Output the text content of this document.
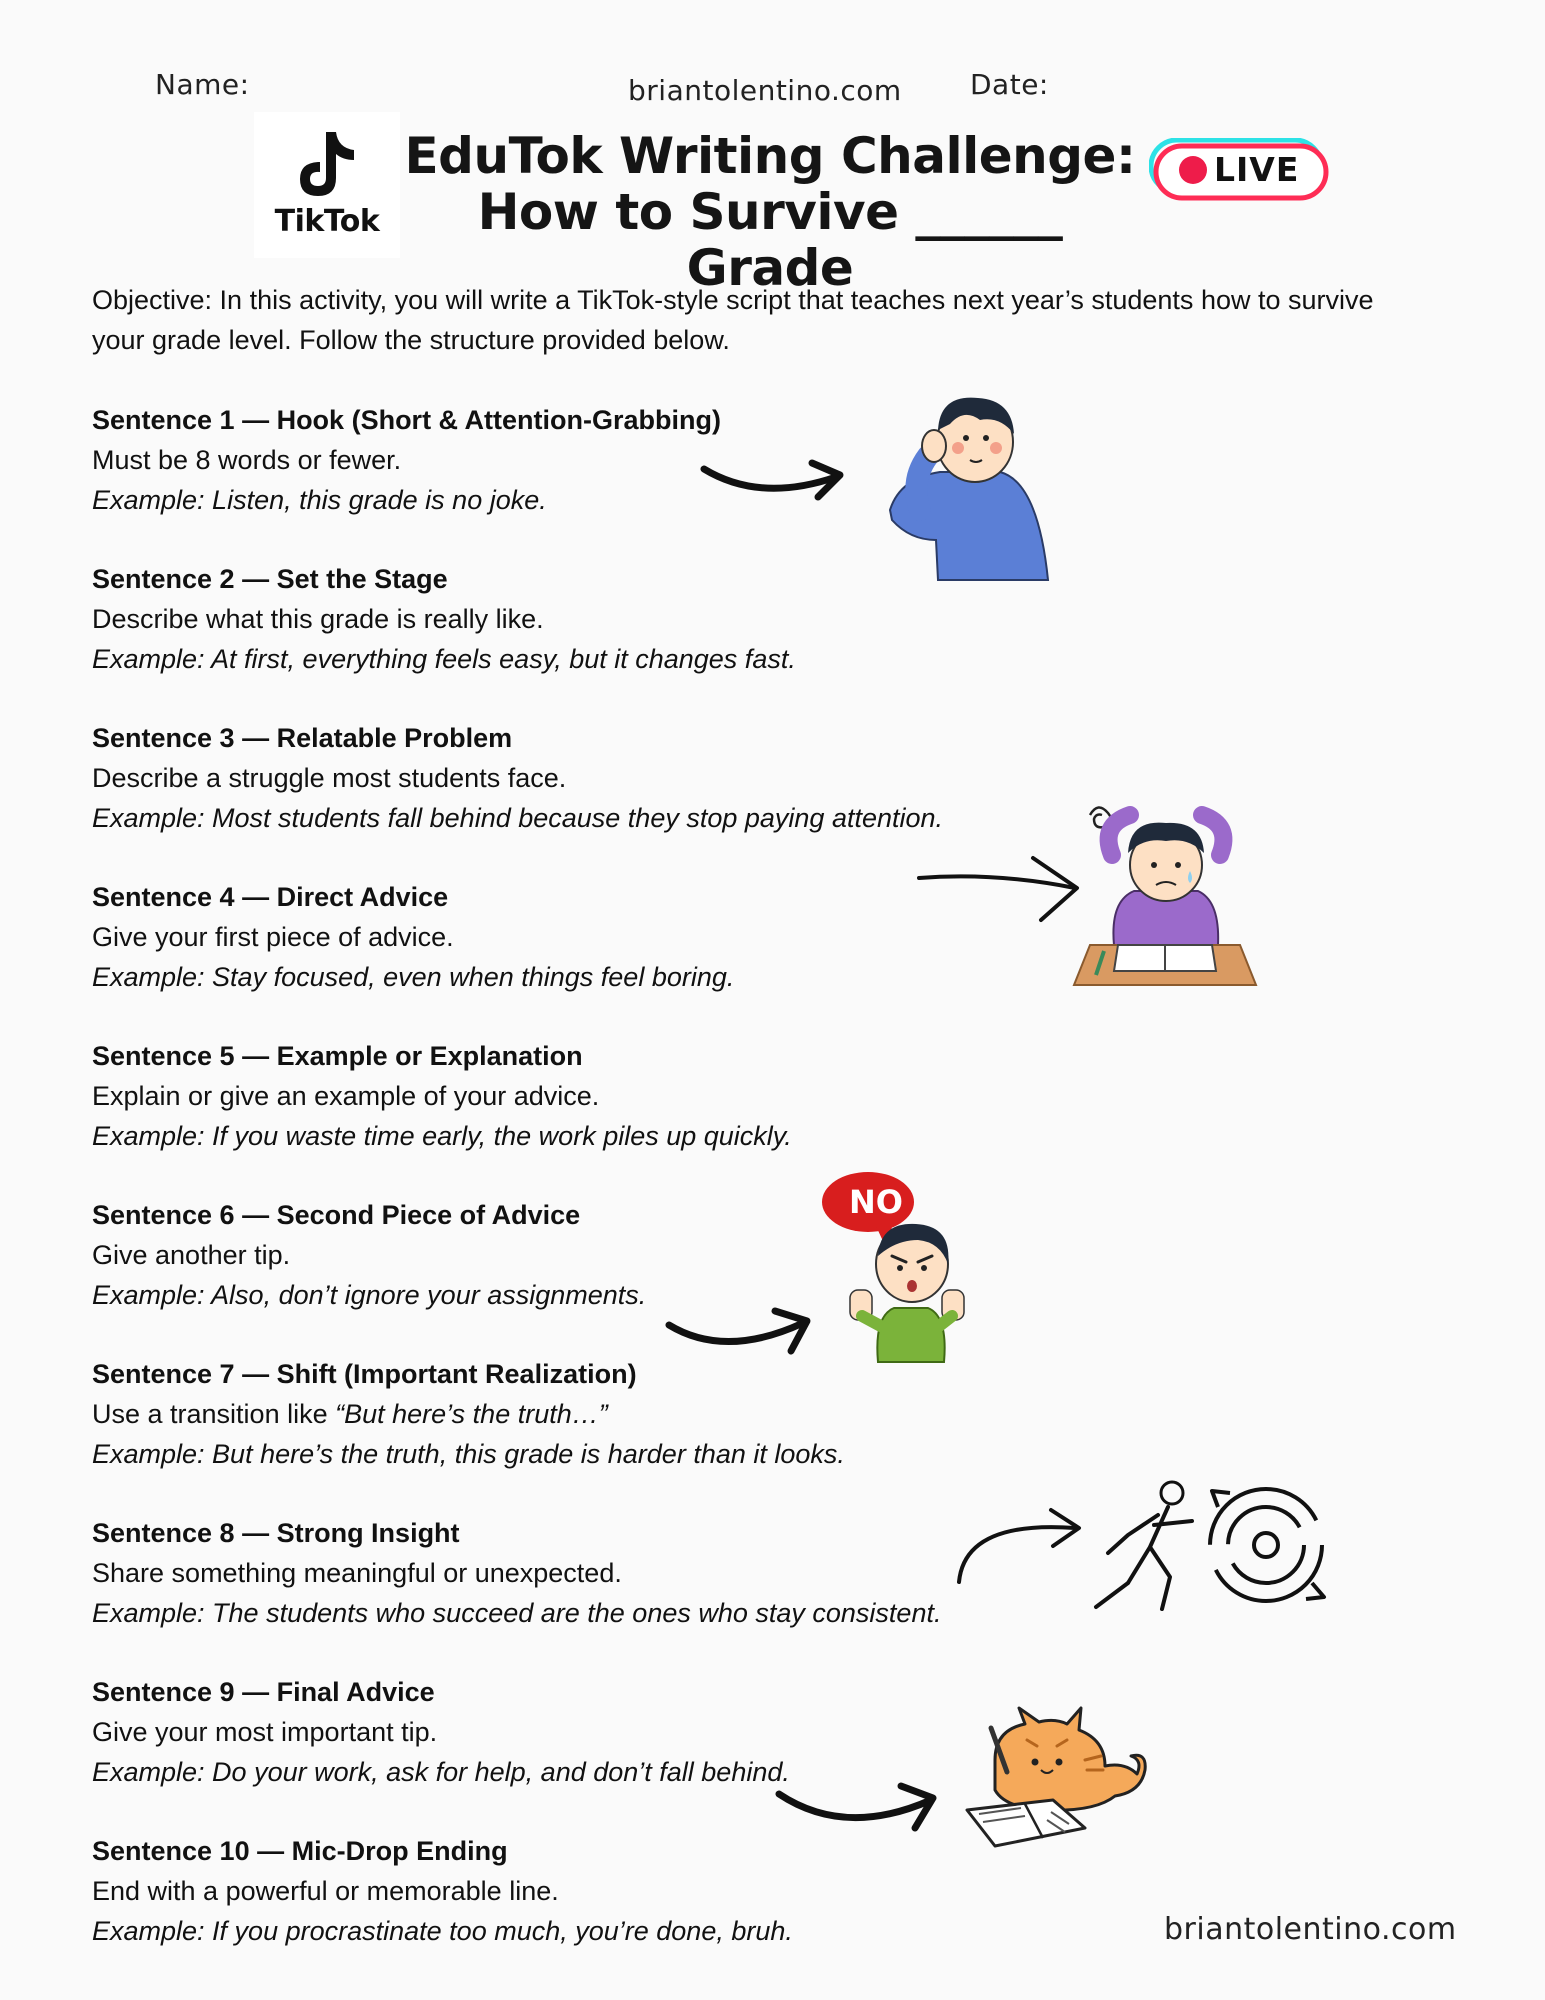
Name:	briantolentino.com Date:
TikTok
EduTok Writing Challenge:
How to Survive ______ Grade
LIVE
Objective: In this activity, you will write a TikTok-style script that teaches next year’s students how to survive your grade level. Follow the structure provided below.
Sentence 1 — Hook (Short & Attention-Grabbing)
Must be 8 words or fewer.
Example: Listen, this grade is no joke.
Sentence 2 — Set the Stage
Describe what this grade is really like.
Example: At first, everything feels easy, but it changes fast.
Sentence 3 — Relatable Problem
Describe a struggle most students face.
Example: Most students fall behind because they stop paying attention.
Sentence 4 — Direct Advice
Give your first piece of advice.
Example: Stay focused, even when things feel boring.
Sentence 5 — Example or Explanation
Explain or give an example of your advice.
Example: If you waste time early, the work piles up quickly.
Sentence 6 — Second Piece of Advice
Give another tip.
Example: Also, don’t ignore your assignments.
Sentence 7 — Shift (Important Realization)
Use a transition like “But here’s the truth…”
Example: But here’s the truth, this grade is harder than it looks.
Sentence 8 — Strong Insight
Share something meaningful or unexpected.
Example: The students who succeed are the ones who stay consistent.
Sentence 9 — Final Advice
Give your most important tip.
Example: Do your work, ask for help, and don’t fall behind.
Sentence 10 — Mic-Drop Ending
End with a powerful or memorable line.
Example: If you procrastinate too much, you’re done, bruh.
NO
briantolentino.com
